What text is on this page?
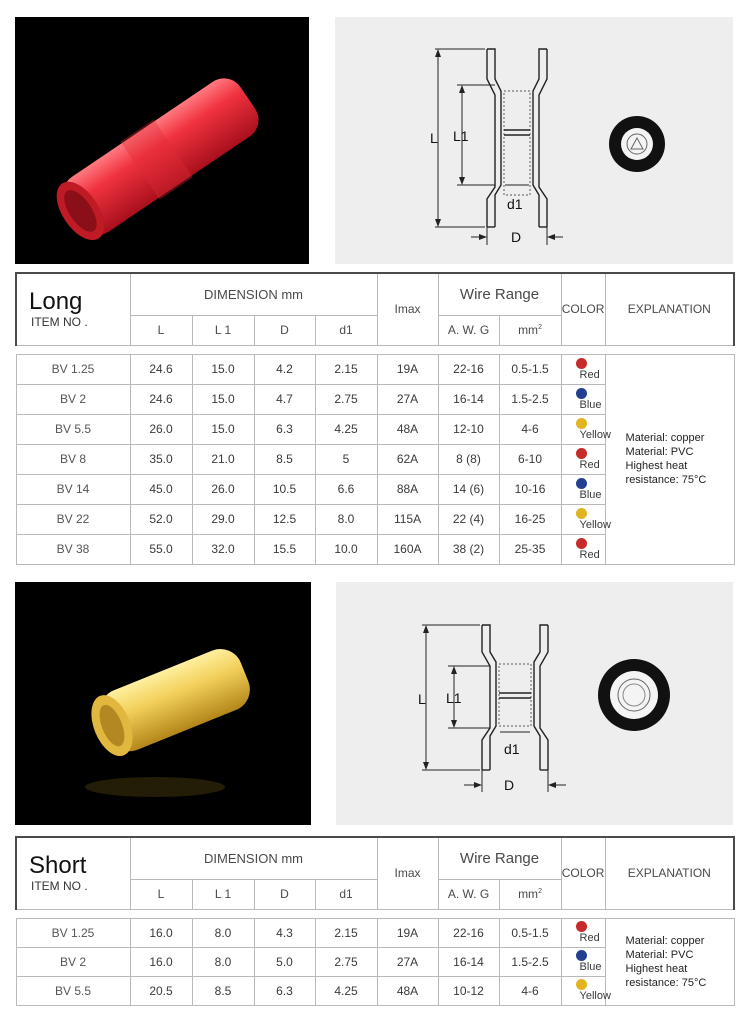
L L1
d1
D
Long
ITEM NO .	DIMENSION mm				Imax	Wire Range		COLOR	EXPLANATION
	L	L 1	D	d1		A. W. G	$mm^2$

BV 1.25	24.6	15.0	4.2	2.15	19A	22-16	0.5-1.5	Red	Material: copper
Material: PVC
Highest heat
resistance: 75°C

BV 2	24.6	15.0	4.7	2.75	27A	16-14	1.5-2.5	Blue	

BV 5.5	26.0	15.0	6.3	4.25	48A	12-10	4-6	Yellow	

BV 8	35.0	21.0	8.5	5	62A	8 (8)	6-10	Red	

BV 14	45.0	26.0	10.5	6.6	88A	14 (6)	10-16	Blue	

BV 22	52.0	29.0	12.5	8.0	115A	22 (4)	16-25	Yellow	

BV 38	55.0	32.0	15.5	10.0	160A	38 (2)	25-35	Red	
L L1
d1
D
Short
ITEM NO .	DIMENSION mm				Imax	Wire Range		COLOR	EXPLANATION
	L	L 1	D	d1		A. W. G	$mm^2$

BV 1.25	16.0	8.0	4.3	2.15	19A	22-16	0.5-1.5	Red	Material: copper
Material: PVC
Highest heat
resistance: 75°C

BV 2	16.0	8.0	5.0	2.75	27A	16-14	1.5-2.5	Blue	

BV 5.5	20.5	8.5	6.3	4.25	48A	10-12	4-6	Yellow	
